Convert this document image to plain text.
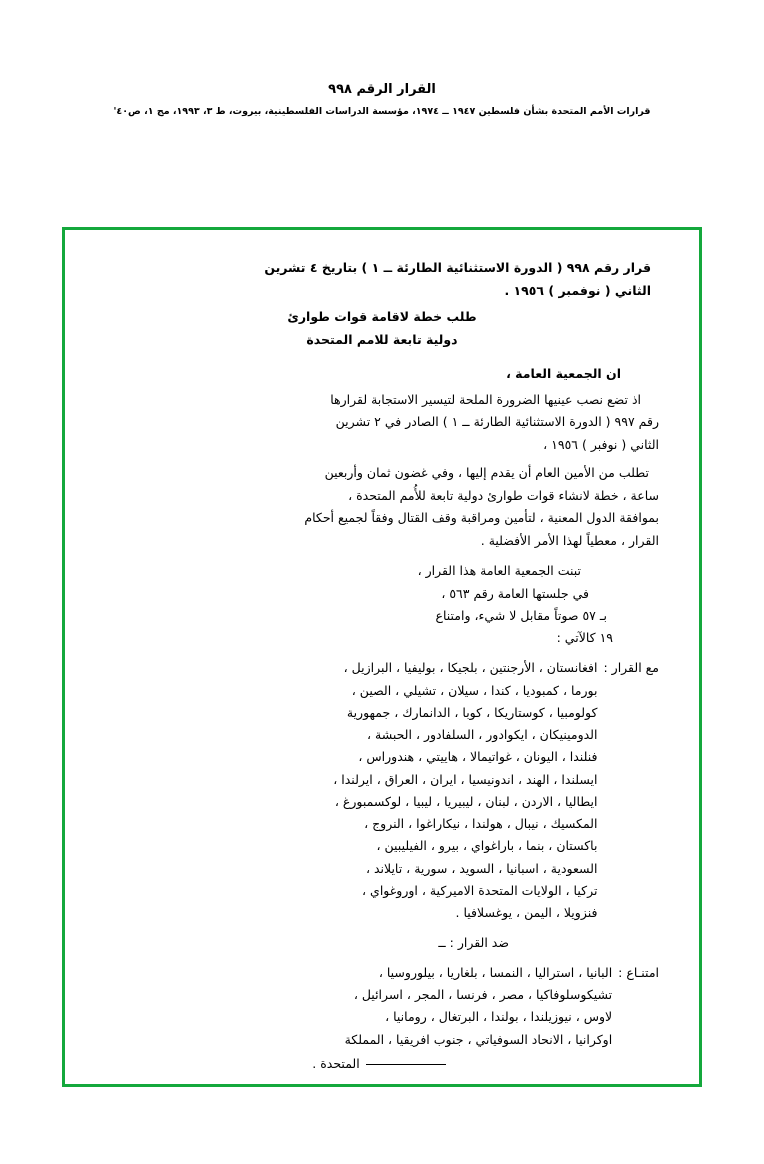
القرار الرقم ٩٩٨
قرارات الأمم المتحدة بشأن فلسطين ١٩٤٧ ــ ١٩٧٤، مؤسسة الدراسات الفلسطينية، بيروت، ط ٣، ١٩٩٣، مج ١، ص٤٠'
قرار رقم ٩٩٨ ( الدورة الاستثنائية الطارئة ــ ١ ) بتاريخ ٤ تشرين
الثاني ( نوفمبر ) ١٩٥٦ .
طلب خطة لاقامة قوات طوارئ
دولية تابعة للامم المتحدة
ان الجمعية العامة ،
اذ تضع نصب عينيها الضرورة الملحة لتيسير الاستجابة لقرارها
رقم ٩٩٧ ( الدورة الاستثنائية الطارئة ــ ١ ) الصادر في ٢ تشرين
الثاني ( نوفبر ) ١٩٥٦ ،
تطلب من الأمين العام أن يقدم إليها ، وفي غضون ثمان وأربعين
ساعة ، خطة لانشاء قوات طوارئ دولية تابعة للأُمم المتحدة ،
بموافقة الدول المعنية ، لتأمين ومراقبة وقف القتال وفقاً لجميع أحكام
القرار ، معطياً لهذا الأمر الأفضلية .
تبنت الجمعية العامة هذا القرار ،
في جلستها العامة رقم ٥٦٣ ،
بـ ٥٧ صوتاً مقابل لا شيء، وامتناع
١٩ كالآتي :
مع القرار :
افغانستان ، الأرجنتين ، بلجيكا ، بوليفيا ، البرازيل ،
بورما ، كمبوديا ، كندا ، سيلان ، تشيلي ، الصين ،
كولومبيا ، كوستاريكا ، كوبا ، الدانمارك ، جمهورية
الدومينيكان ، ايكوادور ، السلفادور ، الحبشة ،
فنلندا ، اليونان ، غواتيمالا ، هاييتي ، هندوراس ،
ايسلندا ، الهند ، اندونيسيا ، ايران ، العراق ، ايرلندا ،
ايطاليا ، الاردن ، لبنان ، ليبيريا ، ليبيا ، لوكسمبورغ ،
المكسيك ، نيبال ، هولندا ، نيكاراغوا ، النروج ،
باكستان ، بنما ، باراغواي ، بيرو ، الفيليبين ،
السعودية ، اسبانيا ، السويد ، سورية ، تايلاند ،
تركيا ، الولايات المتحدة الاميركية ، اوروغواي ،
فنزويلا ، اليمن ، يوغسلافيا .
ضد القرار : ــ
امتنـاع :
البانيا ، استراليا ، النمسا ، بلغاريا ، بيلوروسيا ،
تشيكوسلوفاكيا ، مصر ، فرنسا ، المجر ، اسرائيل ،
لاوس ، نيوزيلندا ، بولندا ، البرتغال ، رومانيا ،
اوكرانيا ، الانحاد السوفياتي ، جنوب افريقيا ، المملكة
المتحدة .
